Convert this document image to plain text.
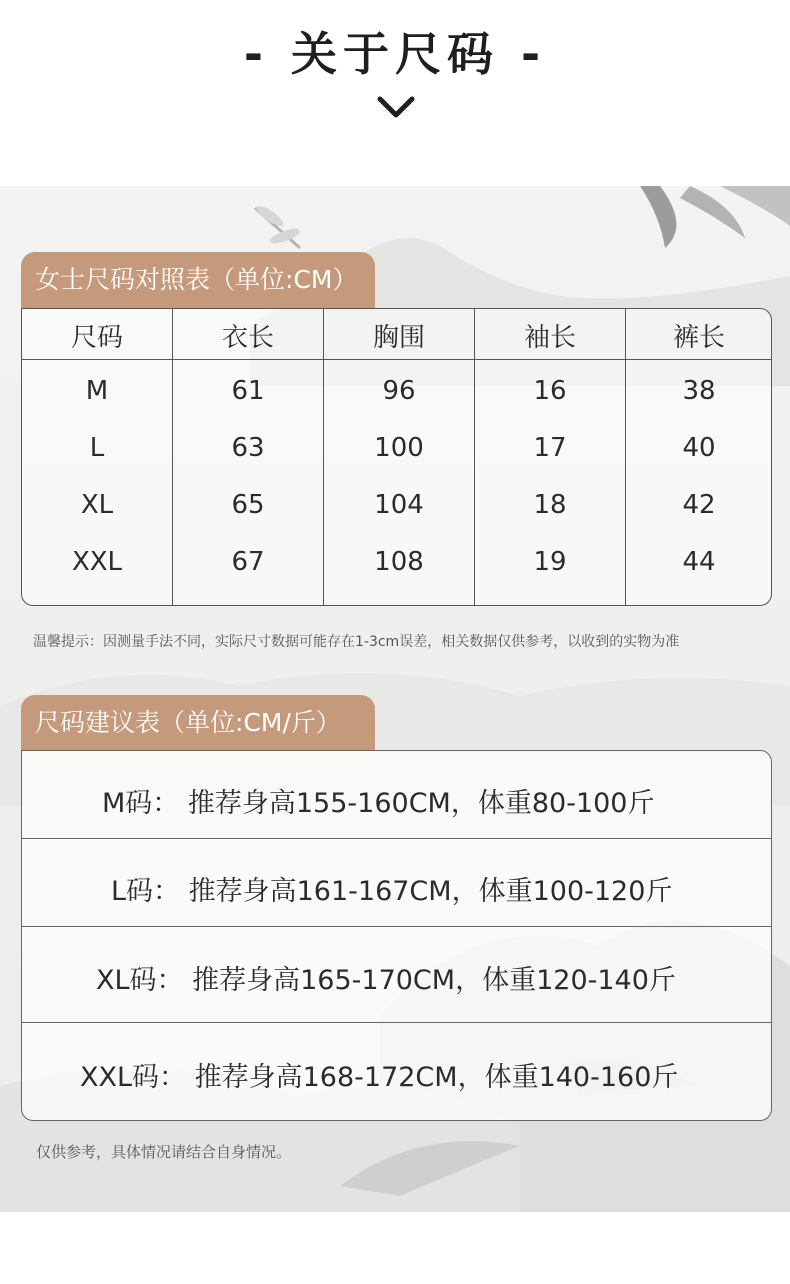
- 关于尺码 -
女士尺码对照表（单位:CM）
尺码	衣长	胸围	袖长	裤长
M	61	96	16	38
L	63	100	17	40
XL	65	104	18	42
XXL	67	108	19	44
温馨提示：因测量手法不同，实际尺寸数据可能存在1-3cm误差，相关数据仅供参考，以收到的实物为准
尺码建议表（单位:CM/斤）
M码： 推荐身高155-160CM，体重80-100斤
L码： 推荐身高161-167CM，体重100-120斤
XL码： 推荐身高165-170CM，体重120-140斤
XXL码： 推荐身高168-172CM，体重140-160斤
仅供参考，具体情况请结合自身情况。
